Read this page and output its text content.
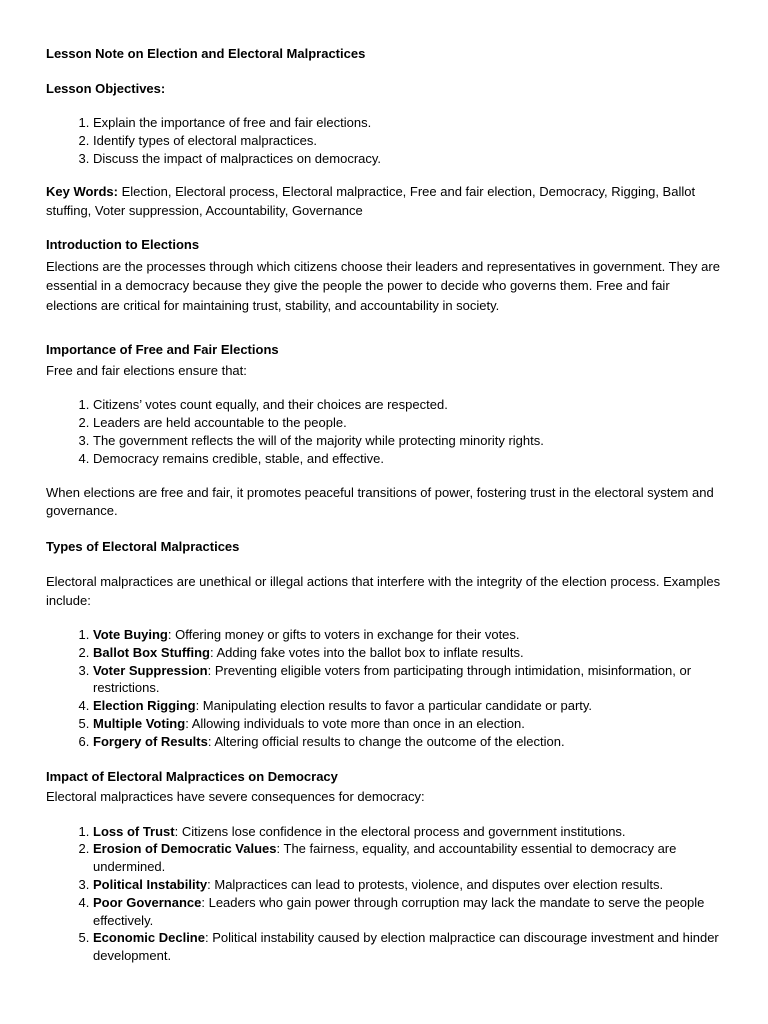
Lesson Note on Election and Electoral Malpractices

Lesson Objectives:

1. Explain the importance of free and fair elections.
2. Identify types of electoral malpractices.
3. Discuss the impact of malpractices on democracy.

Key Words: Election, Electoral process, Electoral malpractice, Free and fair election, Democracy, Rigging, Ballot stuffing, Voter suppression, Accountability, Governance

Introduction to Elections

Elections are the processes through which citizens choose their leaders and representatives in government. They are essential in a democracy because they give the people the power to decide who governs them. Free and fair elections are critical for maintaining trust, stability, and accountability in society.

Importance of Free and Fair Elections

Free and fair elections ensure that:

1. Citizens’ votes count equally, and their choices are respected.
2. Leaders are held accountable to the people.
3. The government reflects the will of the majority while protecting minority rights.
4. Democracy remains credible, stable, and effective.

When elections are free and fair, it promotes peaceful transitions of power, fostering trust in the electoral system and governance.

Types of Electoral Malpractices

Electoral malpractices are unethical or illegal actions that interfere with the integrity of the election process. Examples include:

1. Vote Buying: Offering money or gifts to voters in exchange for their votes.
2. Ballot Box Stuffing: Adding fake votes into the ballot box to inflate results.
3. Voter Suppression: Preventing eligible voters from participating through intimidation, misinformation, or restrictions.
4. Election Rigging: Manipulating election results to favor a particular candidate or party.
5. Multiple Voting: Allowing individuals to vote more than once in an election.
6. Forgery of Results: Altering official results to change the outcome of the election.

Impact of Electoral Malpractices on Democracy

Electoral malpractices have severe consequences for democracy:

1. Loss of Trust: Citizens lose confidence in the electoral process and government institutions.
2. Erosion of Democratic Values: The fairness, equality, and accountability essential to democracy are undermined.
3. Political Instability: Malpractices can lead to protests, violence, and disputes over election results.
4. Poor Governance: Leaders who gain power through corruption may lack the mandate to serve the people effectively.
5. Economic Decline: Political instability caused by election malpractice can discourage investment and hinder development.
